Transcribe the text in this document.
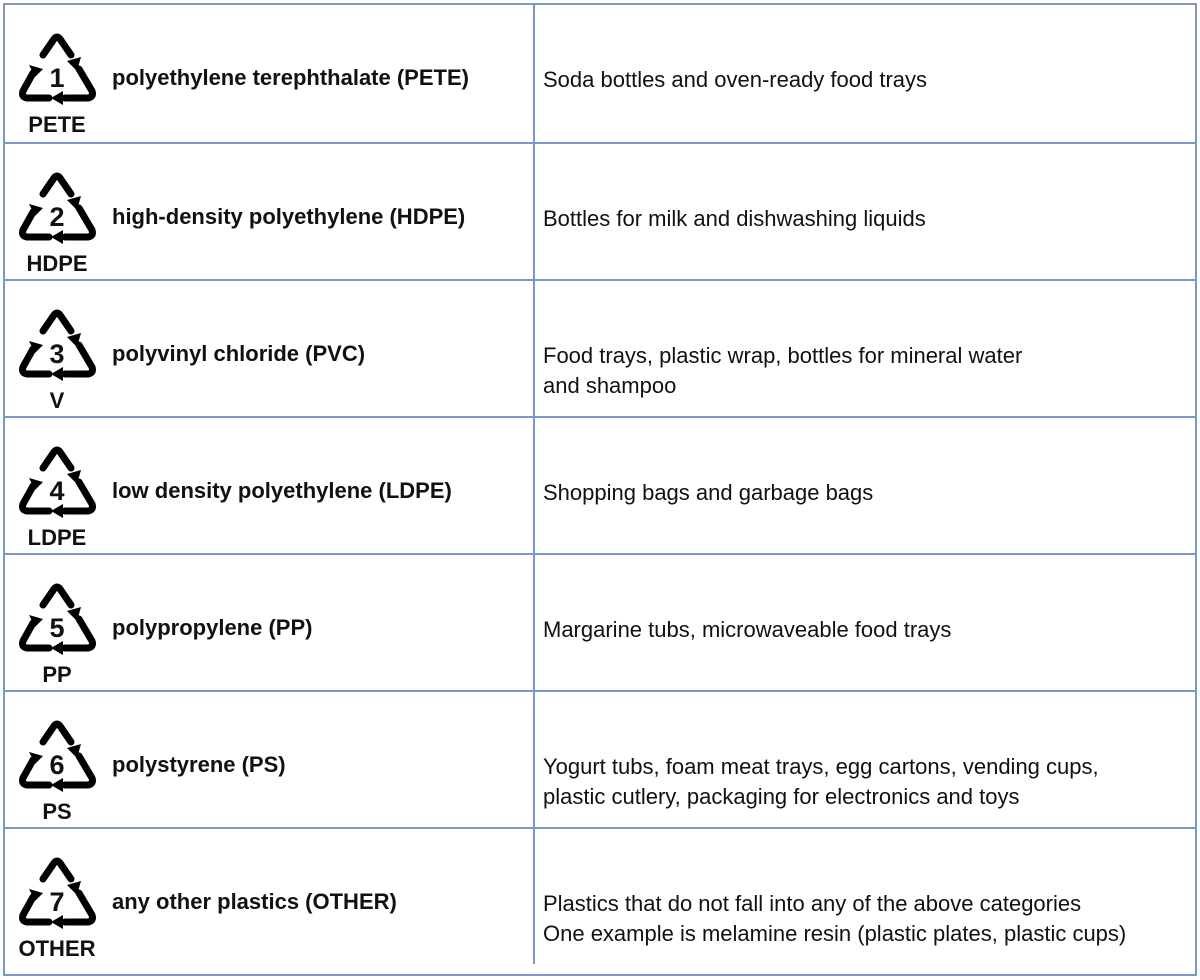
1
PETE
polyethylene terephthalate (PETE)	Soda bottles and oven-ready food trays
2
HDPE
high-density polyethylene (HDPE)	Bottles for milk and dishwashing liquids
3
V
polyvinyl chloride (PVC)	Food trays, plastic wrap, bottles for mineral water
and shampoo
4
LDPE
low density polyethylene (LDPE)	Shopping bags and garbage bags
5
PP
polypropylene (PP)	Margarine tubs, microwaveable food trays
6
PS
polystyrene (PS)	Yogurt tubs, foam meat trays, egg cartons, vending cups,
plastic cutlery, packaging for electronics and toys
7
OTHER
any other plastics (OTHER)	Plastics that do not fall into any of the above categories
One example is melamine resin (plastic plates, plastic cups)
